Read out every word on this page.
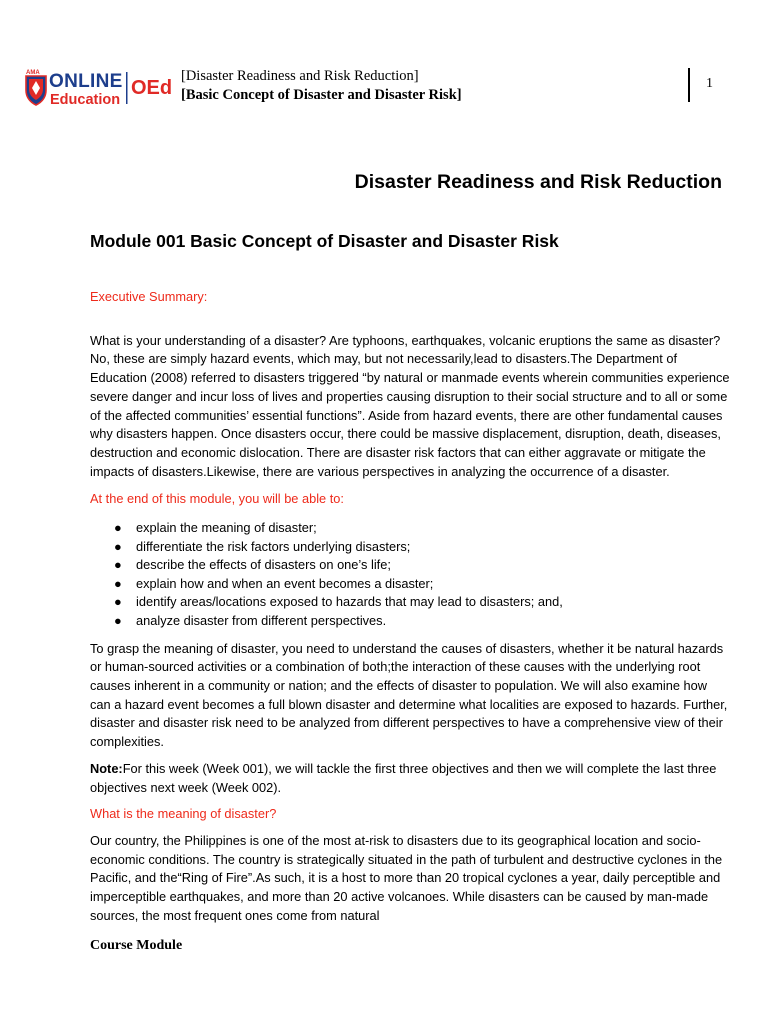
AMA ONLINE
Education
OEd
[Disaster Readiness and Risk Reduction]
[Basic Concept of Disaster and Disaster Risk]
1
Disaster Readiness and Risk Reduction
Module 001 Basic Concept of Disaster and Disaster Risk

Executive Summary:

What is your understanding of a disaster? Are typhoons, earthquakes, volcanic eruptions the same as disaster? No, these are simply hazard events, which may, but not necessarily,lead to disasters.The Department of Education (2008) referred to disasters triggered “by natural or manmade events wherein communities experience severe danger and incur loss of lives and properties causing disruption to their social structure and to all or some of the affected communities’ essential functions”. Aside from hazard events, there are other fundamental causes why disasters happen. Once disasters occur, there could be massive displacement, disruption, death, diseases, destruction and economic dislocation. There are disaster risk factors that can either aggravate or mitigate the impacts of disasters.Likewise, there are various perspectives in analyzing the occurrence of a disaster.

At the end of this module, you will be able to:

● explain the meaning of disaster;
● differentiate the risk factors underlying disasters;
● describe the effects of disasters on one’s life;
● explain how and when an event becomes a disaster;
● identify areas/locations exposed to hazards that may lead to disasters; and,
● analyze disaster from different perspectives.

To grasp the meaning of disaster, you need to understand the causes of disasters, whether it be natural hazards or human-sourced activities or a combination of both;the interaction of these causes with the underlying root causes inherent in a community or nation; and the effects of disaster to population. We will also examine how can a hazard event becomes a full blown disaster and determine what localities are exposed to hazards. Further, disaster and disaster risk need to be analyzed from different perspectives to have a comprehensive view of their complexities.

Note:For this week (Week 001), we will tackle the first three objectives and then we will complete the last three objectives next week (Week 002).

What is the meaning of disaster?

Our country, the Philippines is one of the most at-risk to disasters due to its geographical location and socio-economic conditions. The country is strategically situated in the path of turbulent and destructive cyclones in the Pacific, and the“Ring of Fire”.As such, it is a host to more than 20 tropical cyclones a year, daily perceptible and imperceptible earthquakes, and more than 20 active volcanoes. While disasters can be caused by man-made sources, the most frequent ones come from natural

Course Module
